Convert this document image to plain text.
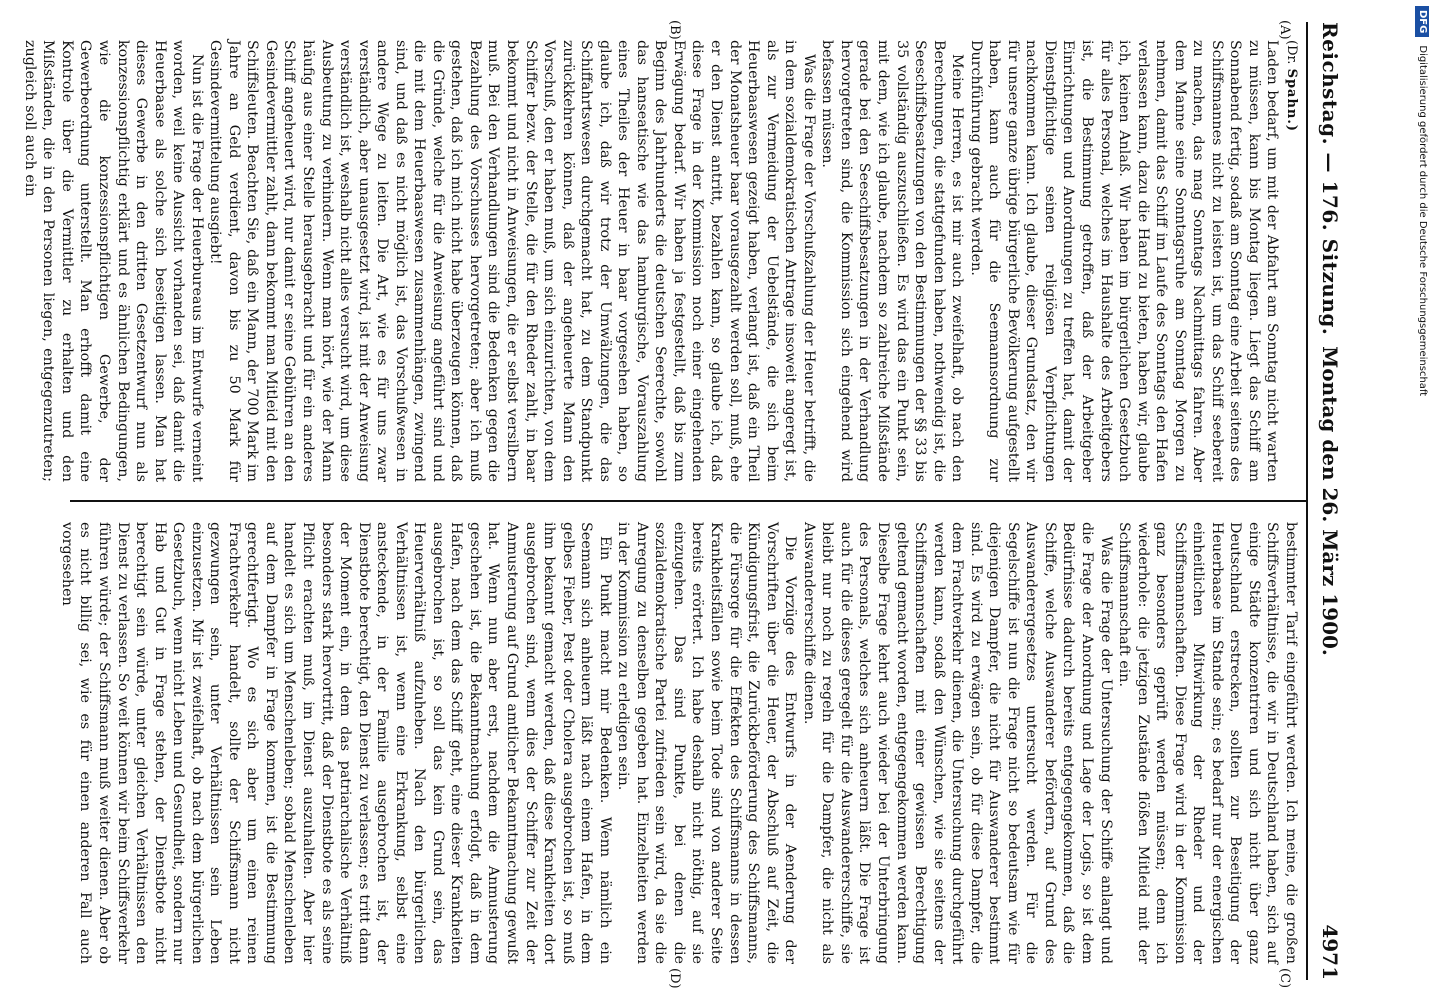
Reichstag. — 176. Sitzung.
Montag den 26. März 1900.
4971
(A)
(B)
(C)
(D)
(Dr. Spahn.)

Laden bedarf, um mit der Abfahrt am Sonntag nicht warten zu müssen, kann bis Montag liegen. Liegt das Schiff am Sonnabend fertig, sodaß am Sonntag eine Arbeit seitens des Schiffsmannes nicht zu leisten ist, um das Schiff seebereit zu machen, das mag Sonntags Nachmittags fahren. Aber dem Manne seine Sonntagsruhe am Sonntag Morgen zu nehmen, damit das Schiff im Laufe des Sonntags den Hafen verlassen kann, dazu die Hand zu bieten, haben wir, glaube ich, keinen Anlaß. Wir haben im bürgerlichen Gesetzbuch für alles Personal, welches im Haushalte des Arbeitgebers ist, die Bestimmung getroffen, daß der Arbeitgeber Einrichtungen und Anordnungen zu treffen hat, damit der Dienstpflichtige seinen religiösen Verpflichtungen nachkommen kann. Ich glaube, dieser Grundsatz, den wir für unsere ganze übrige bürgerliche Bevölkerung aufgestellt haben, kann auch für die Seemannsordnung zur Durchführung gebracht werden.

Meine Herren, es ist mir auch zweifelhaft, ob nach den Berechnungen, die stattgefunden haben, nothwendig ist, die Seeschiffsbesatzungen von den Bestimmungen der §§ 33 bis 35 vollständig auszuschließen. Es wird das ein Punkt sein, mit dem, wie ich glaube, nachdem so zahlreiche Mißstände gerade bei den Seeschiffsbesatzungen in der Verhandlung hervorgetreten sind, die Kommission sich eingehend wird befassen müssen.

Was die Frage der Vorschußzahlung der Heuer betrifft, die in dem sozialdemokratischen Antrage insoweit angeregt ist, als zur Vermeidung der Uebelstände, die sich beim Heuerbaaswesen gezeigt haben, verlangt ist, daß ein Theil der Monatsheuer baar vorausgezahlt werden soll, muß, ehe er den Dienst antritt, bezahlen kann, so glaube ich, daß diese Frage in der Kommission noch einer eingehenden Erwägung bedarf. Wir haben ja festgestellt, daß bis zum Beginn des Jahrhunderts die deutschen Seerechte, sowohl das hanseatische wie das hamburgische, Vorauszahlung eines Theiles der Heuer in baar vorgesehen haben, so glaube ich, daß wir trotz der Umwälzungen, die das Schiffahrtswesen durchgemacht hat, zu dem Standpunkt zurückkehren können, daß der angeheuerte Mann den Vorschuß, den er haben muß, um sich einzurichten, von dem Schiffer bezw. der Stelle, die für den Rheder zahlt, in baar bekommt und nicht in Anweisungen, die er selbst versilbern muß. Bei den Verhandlungen sind die Bedenken gegen die Bezahlung des Vorschusses hervorgetreten; aber ich muß gestehen, daß ich mich nicht habe überzeugen können, daß die Gründe, welche für die Anweisung angeführt sind und die mit dem Heuerbaaswesen zusammenhängen, zwingend sind, und daß es nicht möglich ist, das Vorschußwesen in andere Wege zu leiten. Die Art, wie es für uns zwar verständlich, aber unausgesetzt wird, ist mit der Anweisung verständlich ist, weshalb nicht alles versucht wird, um diese Ausbeutung zu verhindern. Wenn man hört, wie der Mann häufig aus einer Stelle herausgebracht und für ein anderes Schiff angeheuert wird, nur damit er seine Gebühren an den Gesindevermittler zahlt, dann bekommt man Mitleid mit den Schiffsleuten. Beachten Sie, daß ein Mann, der 700 Mark im Jahre an Geld verdient, davon bis zu 50 Mark für Gesindevermittelung ausgiebt!

Nun ist die Frage der Heuerbureaus im Entwurfe verneint worden, weil keine Aussicht vorhanden sei, daß damit die Heuerbaase als solche sich beseitigen lassen. Man hat dieses Gewerbe in den dritten Gesetzentwurf nun als konzessionspflichtig erklärt und es ähnlichen Bedingungen, wie die konzessionspflichtigen Gewerbe, der Gewerbeordnung unterstellt. Man erhofft damit eine Kontrole über die Vermittler zu erhalten und den Mißständen, die in den Personen liegen, entgegenzutreten; zugleich soll auch ein

bestimmter Tarif eingeführt werden. Ich meine, die großen Schiffsverhältnisse, die wir in Deutschland haben, sich auf einige Städte konzentriren und sich nicht über ganz Deutschland erstrecken, sollten zur Beseitigung der Heuerbaase im Stande sein; es bedarf nur der energischen einheitlichen Mitwirkung der Rheder und der Schiffsmannschaften. Diese Frage wird in der Kommission ganz besonders geprüft werden müssen; denn ich wiederhole: die jetzigen Zustände flößen Mitleid mit der Schiffsmannschaft ein.

Was die Frage der Untersuchung der Schiffe anlangt und die Frage der Anordnung und Lage der Logis, so ist dem Bedürfnisse dadurch bereits entgegengekommen, daß die Schiffe, welche Auswanderer befördern, auf Grund des Auswanderergesetzes untersucht werden. Für die Segelschiffe ist nun die Frage nicht so bedeutsam wie für diejenigen Dampfer, die nicht für Auswanderer bestimmt sind. Es wird zu erwägen sein, ob für diese Dampfer, die dem Frachtverkehr dienen, die Untersuchung durchgeführt werden kann, sodaß den Wünschen, wie sie seitens der Schiffsmannschaften mit einer gewissen Berechtigung geltend gemacht worden, entgegengekommen werden kann. Dieselbe Frage kehrt auch wieder bei der Unterbringung des Personals, welches sich anheuern läßt. Die Frage ist auch für die dieses geregelt für die Auswandererschiffe, sie bleibt nur noch zu regeln für die Dampfer, die nicht als Auswandererschiffe dienen.

Die Vorzüge des Entwurfs in der Aenderung der Vorschriften über die Heuer, der Abschluß auf Zeit, die Kündigungsfrist, die Zurückbeförderung des Schiffsmanns, die Fürsorge für die Effekten des Schiffsmanns in dessen Krankheitsfällen sowie beim Tode sind von anderer Seite bereits erörtert. Ich habe deshalb nicht nöthig, auf sie einzugehen. Das sind Punkte, bei denen die sozialdemokratische Partei zufrieden sein wird, da sie die Anregung zu denselben gegeben hat. Einzelheiten werden in der Kommission zu erledigen sein.

Ein Punkt macht mir Bedenken. Wenn nämlich ein Seemann sich anheuern läßt nach einem Hafen, in dem gelbes Fieber, Pest oder Cholera ausgebrochen ist, so muß ihm bekannt gemacht werden, daß diese Krankheiten dort ausgebrochen sind, wenn dies der Schiffer zur Zeit der Anmusterung auf Grund amtlicher Bekanntmachung gewußt hat. Wenn nun aber erst, nachdem die Anmusterung geschehen ist, die Bekanntmachung erfolgt, daß in dem Hafen, nach dem das Schiff geht, eine dieser Krankheiten ausgebrochen ist, so soll das kein Grund sein, das Heuerverhältniß aufzuheben. Nach den bürgerlichen Verhältnissen ist, wenn eine Erkrankung, selbst eine ansteckende, in der Familie ausgebrochen ist, der Dienstbote berechtigt, den Dienst zu verlassen; es tritt dann der Moment ein, in dem das patriarchalische Verhältniß besonders stark hervortritt, daß der Dienstbote es als seine Pflicht erachten muß, im Dienst auszuhalten. Aber hier handelt es sich um Menschenleben; sobald Menschenleben auf dem Dampfer in Frage kommen, ist die Bestimmung gerechtfertigt. Wo es sich aber um einen reinen Frachtverkehr handelt, sollte der Schiffsmann nicht gezwungen sein, unter Verhältnissen sein Leben einzusetzen. Mir ist zweifelhaft, ob nach dem bürgerlichen Gesetzbuch, wenn nicht Leben und Gesundheit, sondern nur Hab und Gut in Frage stehen, der Dienstbote nicht berechtigt sein würde, unter gleichen Verhältnissen den Dienst zu verlassen. So weit können wir beim Schiffsverkehr führen würde; der Schiffsmann muß weiter dienen. Aber ob es nicht billig sei, wie es für einen anderen Fall auch vorgesehen

DFGDigitalisierung gefördert durch die Deutsche Forschungsgemeinschaft
